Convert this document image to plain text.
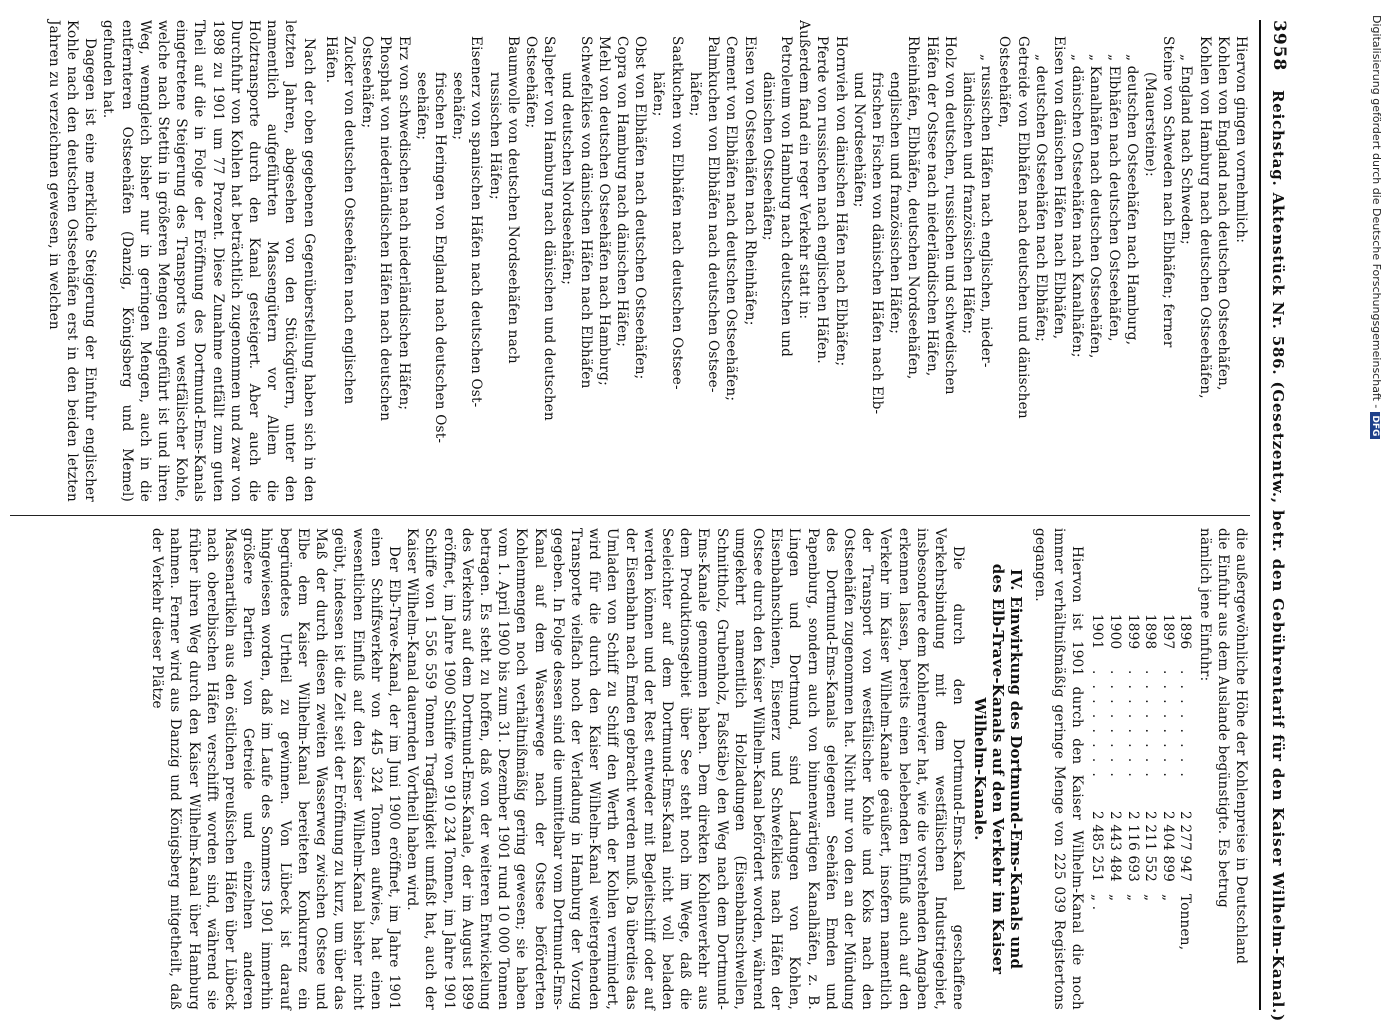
3958
Reichstag. Aktenstück Nr. 586. (Gesetzentw., betr. den Gebührentarif für den Kaiser Wilhelm-Kanal.)
Hiervon gingen vornehmlich:
Kohlen von England nach deutschen Ostseehäfen,
Kohlen von Hamburg nach deutschen Ostseehäfen,
„ England nach Schweden;
Steine von Schweden nach Elbhäfen; ferner
(Mauersteine):
„ deutschen Ostseehäfen nach Hamburg,
„ Elbhäfen nach deutschen Ostseehäfen,
„ Kanalhäfen nach deutschen Ostseehäfen,
„ dänischen Ostseehäfen nach Kanalhäfen;
Eisen von dänischen Häfen nach Elbhäfen,
„ deutschen Ostseehäfen nach Elbhäfen;
Getreide von Elbhäfen nach deutschen und dänischen
Ostseehäfen,
„ russischen Häfen nach englischen, nieder-
ländischen und französischen Häfen;
Holz von deutschen, russischen und schwedischen
Häfen der Ostsee nach niederländischen Häfen,
Rheinhäfen, Elbhäfen, deutschen Nordseehäfen,
englischen und französischen Häfen;
frischen Fischen von dänischen Häfen nach Elb-
und Nordseehäfen;
Hornvieh von dänischen Häfen nach Elbhäfen;
Pferde von russischen nach englischen Häfen.
Außerdem fand ein reger Verkehr statt in:
Petroleum von Hamburg nach deutschen und
dänischen Ostseehäfen;
Eisen von Ostseehäfen nach Rheinhäfen;
Cement von Elbhäfen nach deutschen Ostseehäfen;
Palmkuchen von Elbhäfen nach deutschen Ostsee-
häfen;
Saatkuchen von Elbhäfen nach deutschen Ostsee-
häfen;
Obst von Elbhäfen nach deutschen Ostseehäfen;
Copra von Hamburg nach dänischen Häfen;
Mehl von deutschen Ostseehäfen nach Hamburg;
Schwefelkies von dänischen Häfen nach Elbhäfen
und deutschen Nordseehäfen;
Salpeter von Hamburg nach dänischen und deutschen
Ostseehäfen;
Baumwolle von deutschen Nordseehäfen nach
russischen Häfen;
Eisenerz von spanischen Häfen nach deutschen Ost-
seehäfen;
frischen Heringen von England nach deutschen Ost-
seehäfen;
Erz von schwedischen nach niederländischen Häfen;
Phosphat von niederländischen Häfen nach deutschen
Ostseehäfen;
Zucker von deutschen Ostseehäfen nach englischen
Häfen.

Nach der oben gegebenen Gegenüberstellung haben sich in den letzten Jahren, abgesehen von den Stückgütern, unter den namentlich aufgeführten Massengütern vor Allem die Holztransporte durch den Kanal gesteigert. Aber auch die Durchfuhr von Kohlen hat beträchtlich zugenommen und zwar von 1898 zu 1901 um 77 Prozent. Diese Zunahme entfällt zum guten Theil auf die in Folge der Eröffnung des Dortmund-Ems-Kanals eingetretene Steigerung des Transports von westfälischer Kohle, welche nach Stettin in größeren Mengen eingeführt ist und ihren Weg, wenngleich bisher nur in geringen Mengen, auch in die entfernteren Ostseehäfen (Danzig, Königsberg und Memel) gefunden hat.

Dagegen ist eine merkliche Steigerung der Einfuhr englischer Kohle nach den deutschen Ostseehäfen erst in den beiden letzten Jahren zu verzeichnen gewesen, in welchen

die außergewöhnliche Höhe der Kohlenpreise in Deutschland
die Einfuhr aus dem Auslande begünstigte. Es betrug
nämlich jene Einfuhr:
1896	. . . . . . . .	2 277 947	Tonnen,
1897	. . . . . . . .	2 404 899	„
1898	. . . . . . . .	2 211 552	„
1899	. . . . . . . .	2 116 693	„
1900	. . . . . . . .	2 443 484	„
1901	. . . . . . . .	2 485 251	„ .

Hiervon ist 1901 durch den Kaiser Wilhelm-Kanal die noch immer verhältnißmäßig geringe Menge von 225 039 Registertons gegangen.

IV. Einwirkung des Dortmund-Ems-Kanals und
des Elb-Trave-Kanals auf den Verkehr im Kaiser
Wilhelm-Kanale.

Die durch den Dortmund-Ems-Kanal geschaffene Verkehrsbindung mit dem westfälischen Industriegebiet, insbesondere dem Kohlenrevier hat, wie die vorstehenden Angaben erkennen lassen, bereits einen belebenden Einfluß auch auf den Verkehr im Kaiser Wilhelm-Kanale geäußert, insofern namentlich der Transport von westfälischer Kohle und Koks nach den Ostseehäfen zugenommen hat. Nicht nur von den an der Mündung des Dortmund-Ems-Kanals gelegenen Seehäfen Emden und Papenburg, sondern auch von binnenwärtigen Kanalhäfen, z. B. Lingen und Dortmund, sind Ladungen von Kohlen, Eisenbahnschienen, Eisenerz und Schwefelkies nach Häfen der Ostsee durch den Kaiser Wilhelm-Kanal befördert worden, während umgekehrt namentlich Holzladungen (Eisenbahnschwellen, Schnittholz, Grubenholz, Faßstäbe) den Weg nach dem Dortmund-Ems-Kanale genommen haben. Dem direkten Kohlenverkehr aus dem Produktionsgebiet über See steht noch im Wege, daß die Seeleichter auf dem Dortmund-Ems-Kanal nicht voll beladen werden können und der Rest entweder mit Begleitschiff oder auf der Eisenbahn nach Emden gebracht werden muß. Da überdies das Umladen von Schiff zu Schiff den Werth der Kohlen vermindert, wird für die durch den Kaiser Wilhelm-Kanal weitergehenden Transporte vielfach noch der Verladung in Hamburg der Vorzug gegeben. In Folge dessen sind die unmittelbar vom Dortmund-Ems-Kanal auf dem Wasserwege nach der Ostsee beförderten Kohlenmengen noch verhältnißmäßig gering gewesen; sie haben vom 1. April 1900 bis zum 31. Dezember 1901 rund 10 000 Tonnen betragen. Es steht zu hoffen, daß von der weiteren Entwickelung des Verkehrs auf dem Dortmund-Ems-Kanale, der im August 1899 eröffnet, im Jahre 1900 Schiffe von 910 234 Tonnen, im Jahre 1901 Schiffe von 1 556 559 Tonnen Tragfähigkeit umfaßt hat, auch der Kaiser Wilhelm-Kanal dauernden Vortheil haben wird.

Der Elb-Trave-Kanal, der im Juni 1900 eröffnet, im Jahre 1901 einen Schiffsverkehr von 445 324 Tonnen aufwies, hat einen wesentlichen Einfluß auf den Kaiser Wilhelm-Kanal bisher nicht geübt, indessen ist die Zeit seit der Eröffnung zu kurz, um über das Maß der durch diesen zweiten Wasserweg zwischen Ostsee und Elbe dem Kaiser Wilhelm-Kanal bereiteten Konkurrenz ein begründetes Urtheil zu gewinnen. Von Lübeck ist darauf hingewiesen worden, daß im Laufe des Sommers 1901 immerhin größere Partien von Getreide und einzelnen anderen Massenartikeln aus den östlichen preußischen Häfen über Lübeck nach oberelbischen Häfen verschifft worden sind, während sie früher ihren Weg durch den Kaiser Wilhelm-Kanal über Hamburg nahmen. Ferner wird aus Danzig und Königsberg mitgetheilt, daß der Verkehr dieser Plätze

Digitalisierung gefördert durch die Deutsche Forschungsgemeinschaft -DFG
